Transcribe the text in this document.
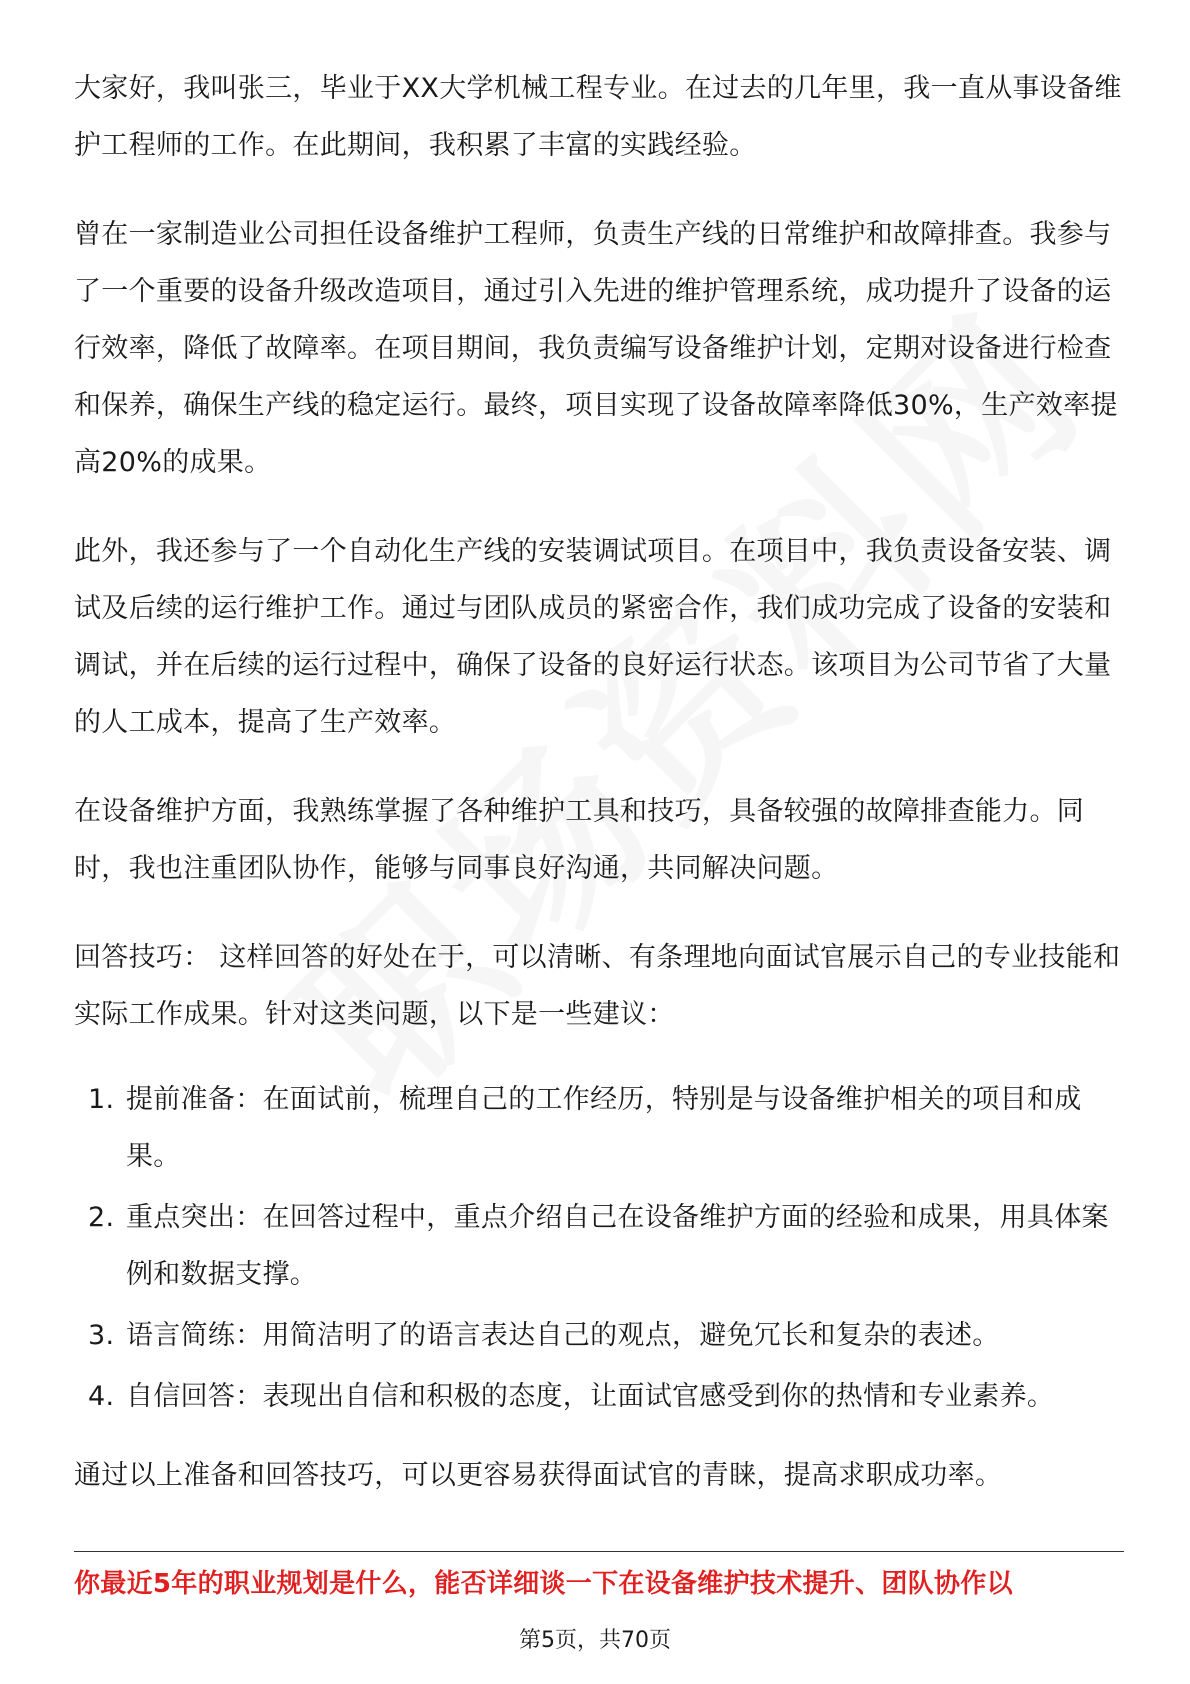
大家好，我叫张三，毕业于XX大学机械工程专业。在过去的几年里，我一直从事设备维护工程师的工作。在此期间，我积累了丰富的实践经验。

曾在一家制造业公司担任设备维护工程师，负责生产线的日常维护和故障排查。我参与了一个重要的设备升级改造项目，通过引入先进的维护管理系统，成功提升了设备的运行效率，降低了故障率。在项目期间，我负责编写设备维护计划，定期对设备进行检查和保养，确保生产线的稳定运行。最终，项目实现了设备故障率降低30%，生产效率提高20%的成果。

此外，我还参与了一个自动化生产线的安装调试项目。在项目中，我负责设备安装、调试及后续的运行维护工作。通过与团队成员的紧密合作，我们成功完成了设备的安装和调试，并在后续的运行过程中，确保了设备的良好运行状态。该项目为公司节省了大量的人工成本，提高了生产效率。

在设备维护方面，我熟练掌握了各种维护工具和技巧，具备较强的故障排查能力。同时，我也注重团队协作，能够与同事良好沟通，共同解决问题。

回答技巧： 这样回答的好处在于，可以清晰、有条理地向面试官展示自己的专业技能和实际工作成果。针对这类问题，以下是一些建议：

1. 提前准备：在面试前，梳理自己的工作经历，特别是与设备维护相关的项目和成果。
2. 重点突出：在回答过程中，重点介绍自己在设备维护方面的经验和成果，用具体案例和数据支撑。
3. 语言简练：用简洁明了的语言表达自己的观点，避免冗长和复杂的表述。
4. 自信回答：表现出自信和积极的态度，让面试官感受到你的热情和专业素养。

通过以上准备和回答技巧，可以更容易获得面试官的青睐，提高求职成功率。

你最近5年的职业规划是什么，能否详细谈一下在设备维护技术提升、团队协作以
第5页，共70页
